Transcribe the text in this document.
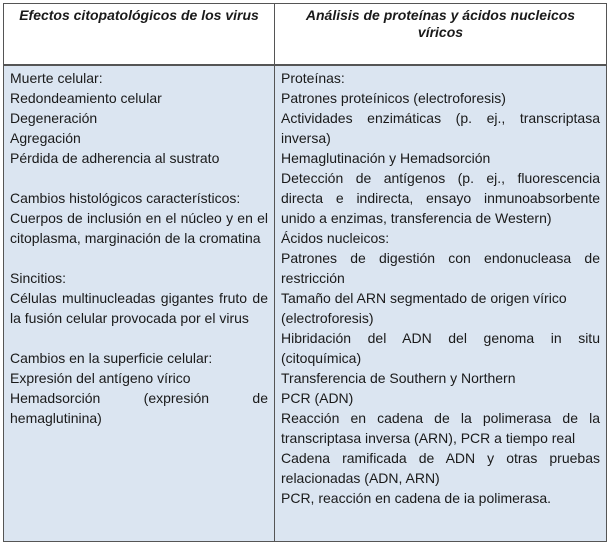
Efectos citopatológicos de los virus	Análisis de proteínas y ácidos nucleicos víricos
Muerte celular:
Redondeamiento celular
Degeneración
Agregación
Pérdida de adherencia al sustrato
Cambios histológicos característicos:
Cuerpos de inclusión en el núcleo y en el citoplasma, marginación de la cromatina
Sincitios:
Células multinucleadas gigantes fruto de la fusión celular provocada por el virus
Cambios en la superficie celular:
Expresión del antígeno vírico
Hemadsorción (expresión de hemaglutinina)
Proteínas:
Patrones proteínicos (electroforesis)
Actividades enzimáticas (p. ej., transcriptasa inversa)
Hemaglutinación y Hemadsorción
Detección de antígenos (p. ej., fluorescencia directa e indirecta, ensayo inmunoabsorbente unido a enzimas, transferencia de Western)
Ácidos nucleicos:
Patrones de digestión con endonucleasa de restricción
Tamaño del ARN segmentado de origen vírico
(electroforesis)
Hibridación del ADN del genoma in situ (citoquímica)
Transferencia de Southern y Northern
PCR (ADN)
Reacción en cadena de la polimerasa de la transcriptasa inversa (ARN), PCR a tiempo real
Cadena ramificada de ADN y otras pruebas relacionadas (ADN, ARN)
PCR, reacción en cadena de ia polimerasa.
